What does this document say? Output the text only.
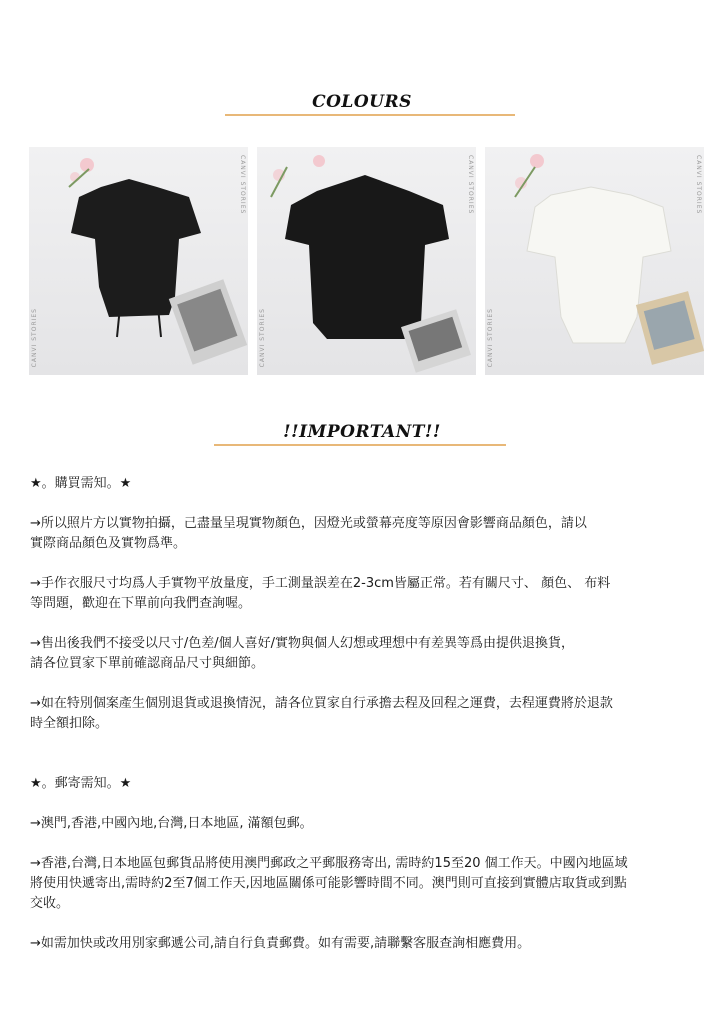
COLOURS
CANVI STORIES
CANVI STORIES
CANVI STORIES
CANVI STORIES
CANVI STORIES
CANVI STORIES
!!IMPORTANT!!

★。購買需知。★

→所以照片方以實物拍攝，己盡量呈現實物顏色，因燈光或螢幕亮度等原因會影響商品顏色，請以
實際商品顏色及實物爲準。

→手作衣服尺寸均爲人手實物平放量度，手工測量誤差在2-3cm皆屬正常。若有關尺寸、 顏色、 布料
等問題，歡迎在下單前向我們查詢喔。

→售出後我們不接受以尺寸/色差/個人喜好/實物與個人幻想或理想中有差異等爲由提供退換貨，
請各位買家下單前確認商品尺寸與細節。

→如在特別個案產生個別退貨或退換情況，請各位買家自行承擔去程及回程之運費，去程運費將於退款
時全額扣除。

★。郵寄需知。★

→澳門,香港,中國內地,台灣,日本地區, 滿額包郵。

→香港,台灣,日本地區包郵貨品將使用澳門郵政之平郵服務寄出, 需時約15至20 個工作天。中國內地區域
將使用快遞寄出,需時約2至7個工作天,因地區關係可能影響時間不同。澳門則可直接到實體店取貨或到點
交收。

→如需加快或改用別家郵遞公司,請自行負責郵費。如有需要,請聯繫客服查詢相應費用。
